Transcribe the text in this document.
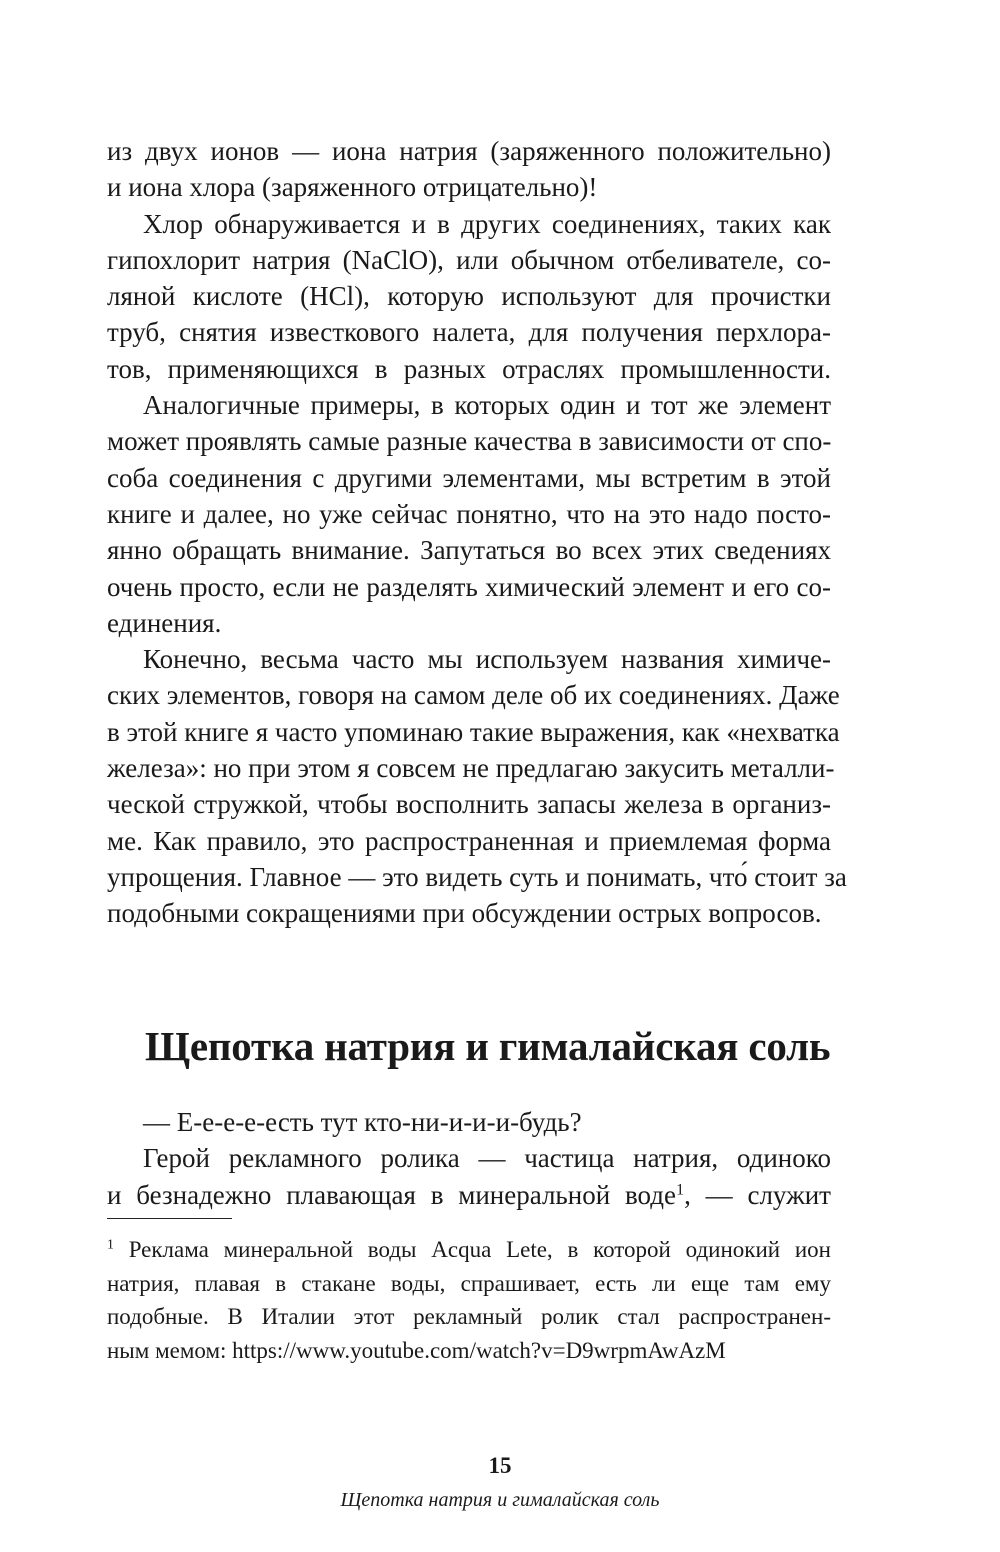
из двух ионов — иона натрия (заряженного положительно)
и иона хлора (заряженного отрицательно)!

Хлор обнаруживается и в других соединениях, таких как
гипохлорит натрия (NaClO), или обычном отбеливателе, со-
ляной кислоте (HCl), которую используют для прочистки
труб, снятия известкового налета, для получения перхлора-
тов, применяющихся в разных отраслях промышленности.

Аналогичные примеры, в которых один и тот же элемент
может проявлять самые разные качества в зависимости от спо-
соба соединения с другими элементами, мы встретим в этой
книге и далее, но уже сейчас понятно, что на это надо посто-
янно обращать внимание. Запутаться во всех этих сведениях
очень просто, если не разделять химический элемент и его со-
единения.

Конечно, весьма часто мы используем названия химиче-
ских элементов, говоря на самом деле об их соединениях. Даже
в этой книге я часто упоминаю такие выражения, как «нехватка
железа»: но при этом я совсем не предлагаю закусить металли-
ческой стружкой, чтобы восполнить запасы железа в организ-
ме. Как правило, это распространенная и приемлемая форма
упрощения. Главное — это видеть суть и понимать, что́ стоит за
подобными сокращениями при обсуждении острых вопросов.

Щепотка натрия и гималайская соль

— Е-е-е-е-есть тут кто-ни-и-и-и-будь?

Герой рекламного ролика — частица натрия, одиноко
и безнадежно плавающая в минеральной воде$^1$, — служит

$^1$ Реклама минеральной воды Acqua Lete, в которой одинокий ион
натрия, плавая в стакане воды, спрашивает, есть ли еще там ему
подобные. В Италии этот рекламный ролик стал распространен-
ным мемом: https://www.youtube.com/watch?v=D9wrpmAwAzM
15
Щепотка натрия и гималайская соль
